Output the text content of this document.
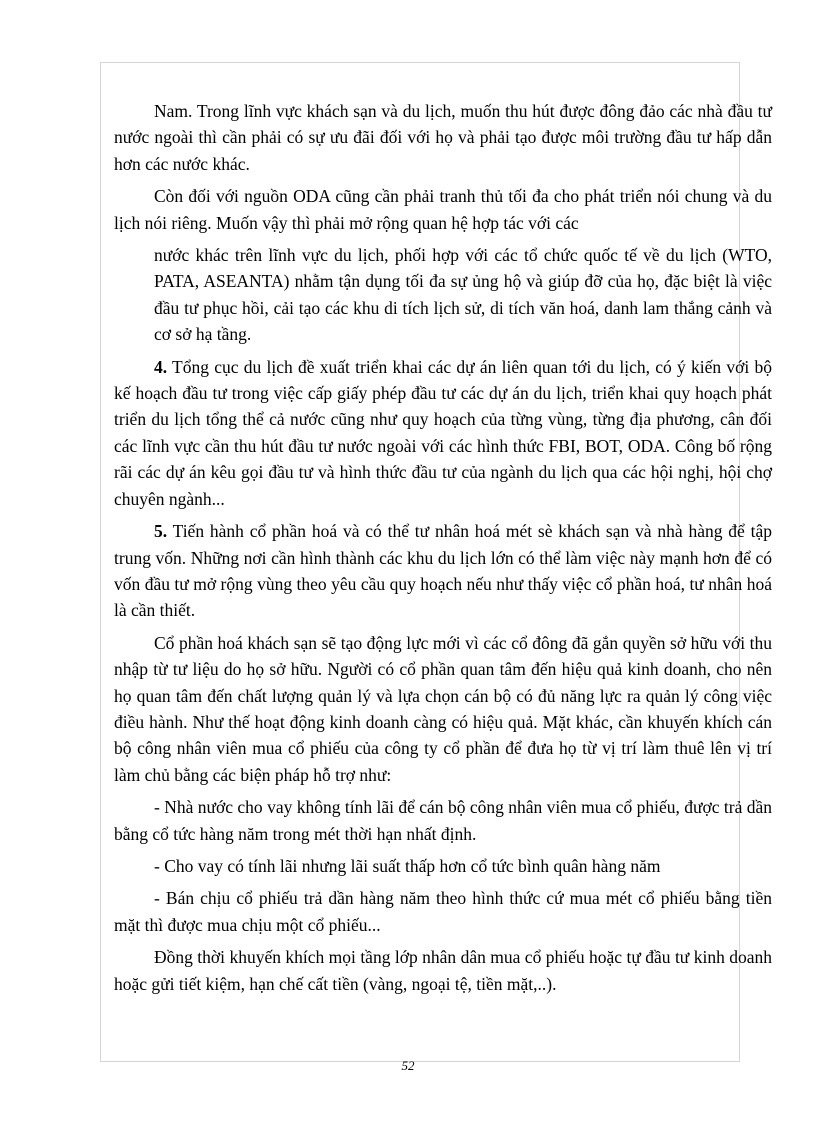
Nam. Trong lĩnh vực khách sạn và du lịch, muốn thu hút được đông đảo các nhà đầu tư nước ngoài thì cần phải có sự ưu đãi đối với họ và phải tạo được môi trường đầu tư hấp dẫn hơn các nước khác.

Còn đối với nguồn ODA cũng cần phải tranh thủ tối đa cho phát triển nói chung và du lịch nói riêng. Muốn vậy thì phải mở rộng quan hệ hợp tác với các

nước khác trên lĩnh vực du lịch, phối hợp với các tổ chức quốc tế về du lịch (WTO, PATA, ASEANTA) nhằm tận dụng tối đa sự ủng hộ và giúp đỡ của họ, đặc biệt là việc đầu tư phục hồi, cải tạo các khu di tích lịch sử, di tích văn hoá, danh lam thắng cảnh và cơ sở hạ tầng.

4. Tổng cục du lịch đề xuất triển khai các dự án liên quan tới du lịch, có ý kiến với bộ kế hoạch đầu tư trong việc cấp giấy phép đầu tư các dự án du lịch, triển khai quy hoạch phát triển du lịch tổng thể cả nước cũng như quy hoạch của từng vùng, từng địa phương, cân đối các lĩnh vực cần thu hút đầu tư nước ngoài với các hình thức FBI, BOT, ODA. Công bố rộng rãi các dự án kêu gọi đầu tư và hình thức đầu tư của ngành du lịch qua các hội nghị, hội chợ chuyên ngành...

5. Tiến hành cổ phần hoá và có thể tư nhân hoá mét sè khách sạn và nhà hàng để tập trung vốn. Những nơi cần hình thành các khu du lịch lớn có thể làm việc này mạnh hơn để có vốn đầu tư mở rộng vùng theo yêu cầu quy hoạch nếu như thấy việc cổ phần hoá, tư nhân hoá là cần thiết.

Cổ phần hoá khách sạn sẽ tạo động lực mới vì các cổ đông đã gắn quyền sở hữu với thu nhập từ tư liệu do họ sở hữu. Người có cổ phần quan tâm đến hiệu quả kinh doanh, cho nên họ quan tâm đến chất lượng quản lý và lựa chọn cán bộ có đủ năng lực ra quản lý công việc điều hành. Như thế hoạt động kinh doanh càng có hiệu quả. Mặt khác, cần khuyến khích cán bộ công nhân viên mua cổ phiếu của công ty cổ phần để đưa họ từ vị trí làm thuê lên vị trí làm chủ bằng các biện pháp hỗ trợ như:

- Nhà nước cho vay không tính lãi để cán bộ công nhân viên mua cổ phiếu, được trả dần bằng cổ tức hàng năm trong mét thời hạn nhất định.

- Cho vay có tính lãi nhưng lãi suất thấp hơn cổ tức bình quân hàng năm

- Bán chịu cổ phiếu trả dần hàng năm theo hình thức cứ mua mét cổ phiếu bằng tiền mặt thì được mua chịu một cổ phiếu...

Đồng thời khuyến khích mọi tầng lớp nhân dân mua cổ phiếu hoặc tự đầu tư kinh doanh hoặc gửi tiết kiệm, hạn chế cất tiền (vàng, ngoại tệ, tiền mặt,..).

52
